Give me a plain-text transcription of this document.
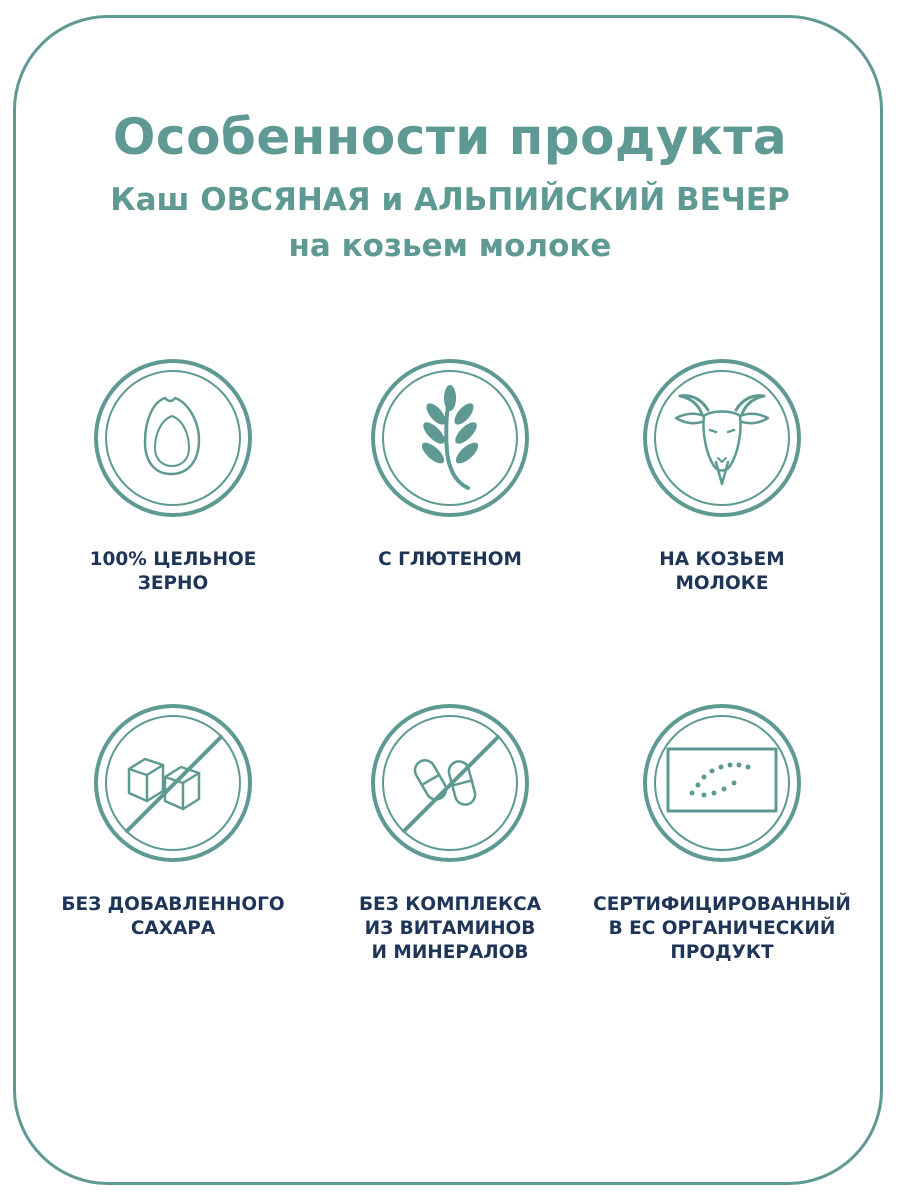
Особенности продукта
Каш ОВСЯНАЯ и АЛЬПИЙСКИЙ ВЕЧЕР
на козьем молоке
100% ЦЕЛЬНОЕ
ЗЕРНО
С ГЛЮТЕНОМ	НА КОЗЬЕМ
МОЛОКЕ
БЕЗ ДОБАВЛЕННОГО
САХАРА
БЕЗ КОМПЛЕКСА
ИЗ ВИТАМИНОВ
И МИНЕРАЛОВ
СЕРТИФИЦИРОВАННЫЙ
В ЕС ОРГАНИЧЕСКИЙ
ПРОДУКТ
